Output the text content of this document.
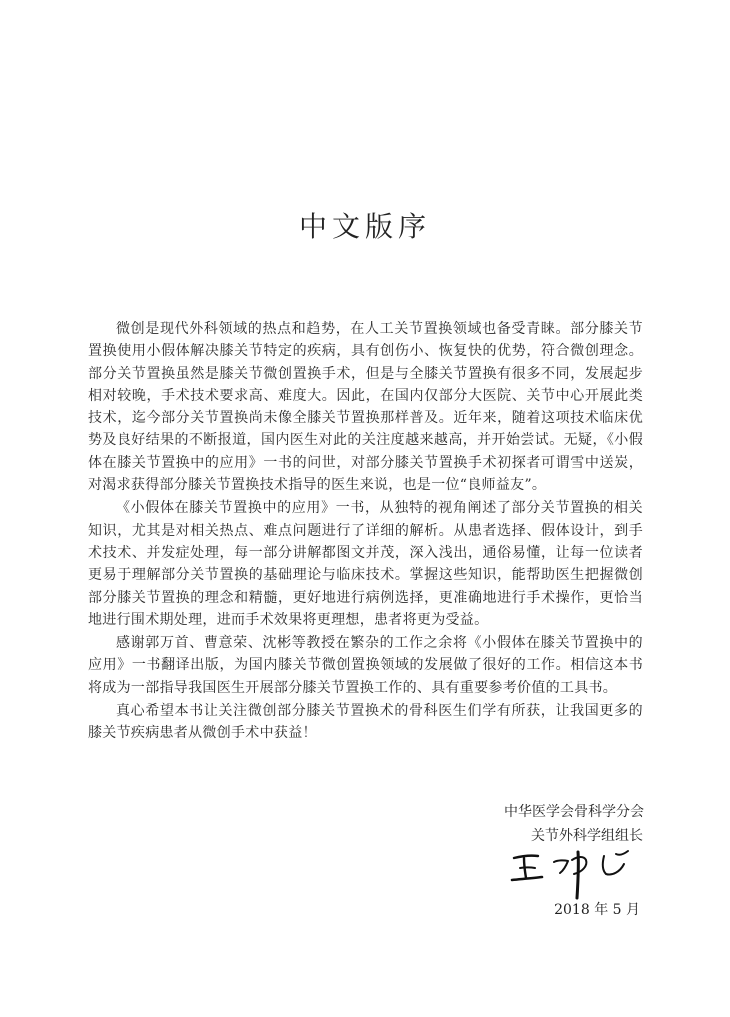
中文版序

微创是现代外科领域的热点和趋势，在人工关节置换领域也备受青睐。部分膝关节置换使用小假体解决膝关节特定的疾病，具有创伤小、恢复快的优势，符合微创理念。部分关节置换虽然是膝关节微创置换手术，但是与全膝关节置换有很多不同，发展起步相对较晚，手术技术要求高、难度大。因此，在国内仅部分大医院、关节中心开展此类技术，迄今部分关节置换尚未像全膝关节置换那样普及。近年来，随着这项技术临床优势及良好结果的不断报道，国内医生对此的关注度越来越高，并开始尝试。无疑，《小假体在膝关节置换中的应用》一书的问世，对部分膝关节置换手术初探者可谓雪中送炭，对渴求获得部分膝关节置换技术指导的医生来说，也是一位“良师益友”。

《小假体在膝关节置换中的应用》一书，从独特的视角阐述了部分关节置换的相关知识，尤其是对相关热点、难点问题进行了详细的解析。从患者选择、假体设计，到手术技术、并发症处理，每一部分讲解都图文并茂，深入浅出，通俗易懂，让每一位读者更易于理解部分关节置换的基础理论与临床技术。掌握这些知识，能帮助医生把握微创部分膝关节置换的理念和精髓，更好地进行病例选择，更准确地进行手术操作，更恰当地进行围术期处理，进而手术效果将更理想，患者将更为受益。

感谢郭万首、曹意荣、沈彬等教授在繁杂的工作之余将《小假体在膝关节置换中的应用》一书翻译出版，为国内膝关节微创置换领域的发展做了很好的工作。相信这本书将成为一部指导我国医生开展部分膝关节置换工作的、具有重要参考价值的工具书。

真心希望本书让关注微创部分膝关节置换术的骨科医生们学有所获，让我国更多的膝关节疾病患者从微创手术中获益！

中华医学会骨科学分会

关节外科学组组长

2018 年 5 月
